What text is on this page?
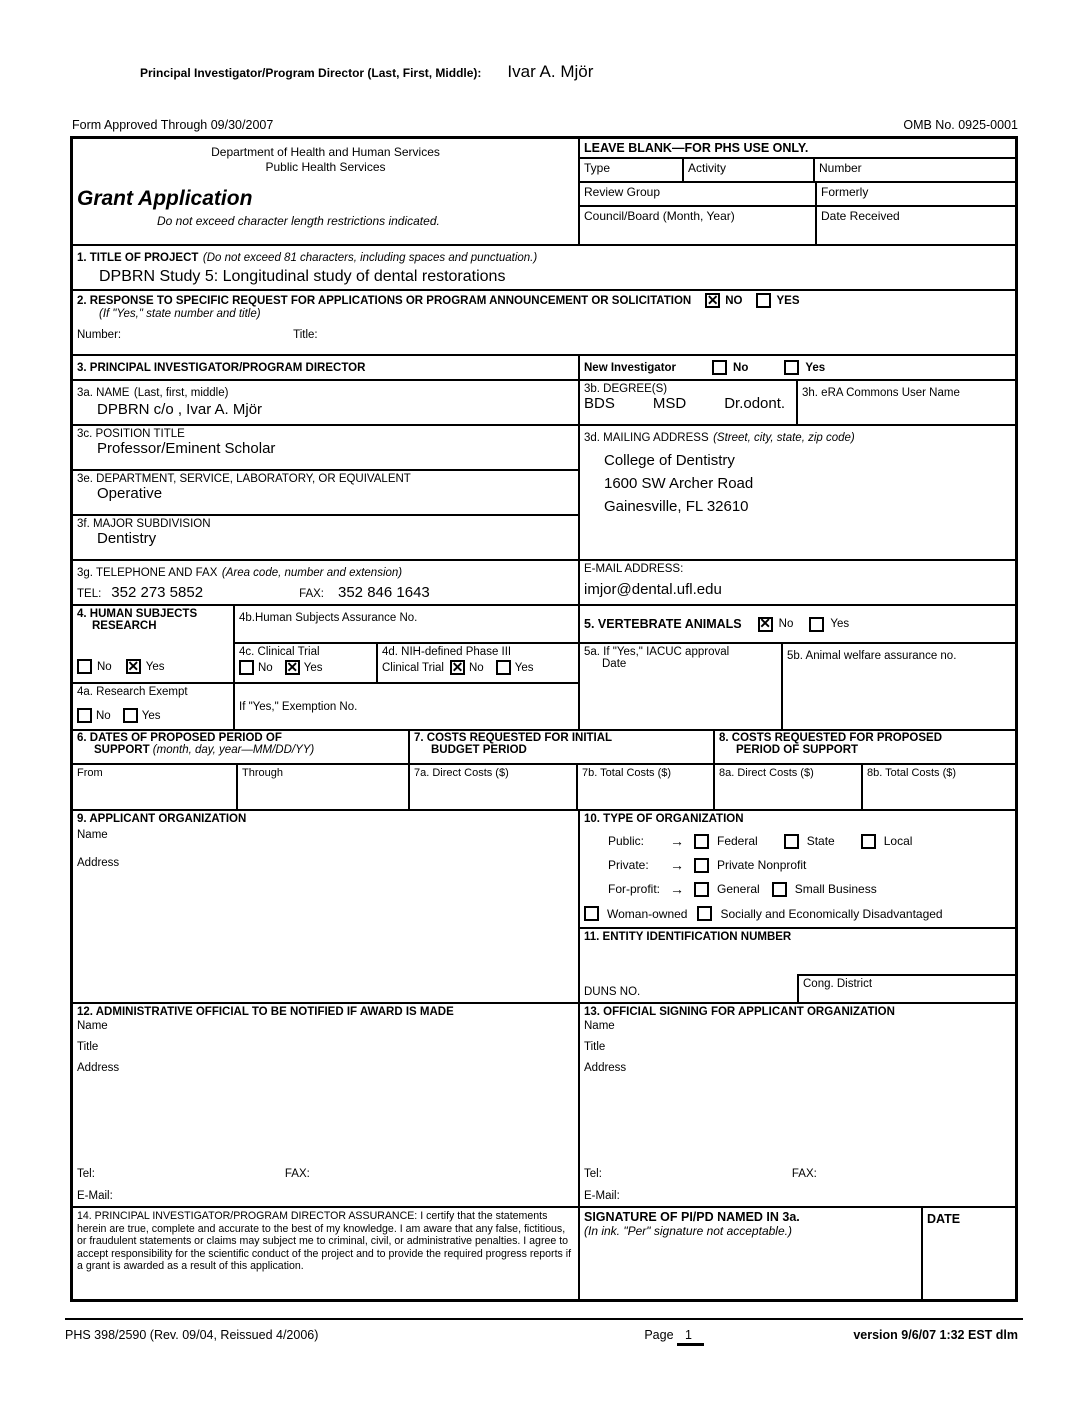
Principal Investigator/Program Director (Last, First, Middle): Ivar A. Mjör
Form Approved Through 09/30/2007	OMB No. 0925-0001
Department of Health and Human Services
Public Health Services
Grant Application
Do not exceed character length restrictions indicated.
LEAVE BLANK—FOR PHS USE ONLY.
Type	Activity	Number
Review Group	Formerly
Council/Board (Month, Year)	Date Received
1. TITLE OF PROJECT (Do not exceed 81 characters, including spaces and punctuation.)
DPBRN Study 5: Longitudinal study of dental restorations
2. RESPONSE TO SPECIFIC REQUEST FOR APPLICATIONS OR PROGRAM ANNOUNCEMENT OR SOLICITATION ✕	NO	YES
(If "Yes," state number and title)
Number:	Title:
3. PRINCIPAL INVESTIGATOR/PROGRAM DIRECTOR	New Investigator	No	Yes
3a. NAME (Last, first, middle)
DPBRN c/o , Ivar A. Mjör
3b. DEGREE(S)
BDS	MSD	Dr.odont.
3h. eRA Commons User Name
3c. POSITION TITLE
Professor/Eminent Scholar
3e. DEPARTMENT, SERVICE, LABORATORY, OR EQUIVALENT
Operative
3f. MAJOR SUBDIVISION
Dentistry
3d. MAILING ADDRESS (Street, city, state, zip code)
College of Dentistry
1600 SW Archer Road
Gainesville, FL 32610
3g. TELEPHONE AND FAX (Area code, number and extension)
TEL: 352 273 5852	FAX: 352 846 1643
E-MAIL ADDRESS:
imjor@dental.ufl.edu
4. HUMAN SUBJECTS
RESEARCH
No ✕	Yes
4b.Human Subjects Assurance No.
4c. Clinical Trial
No ✕	Yes
4d. NIH-defined Phase III
Clinical Trial ✕ No	Yes
4a. Research Exempt
No	Yes
If "Yes," Exemption No.
5. VERTEBRATE ANIMALS ✕	No	Yes
5a. If "Yes," IACUC approval
Date
5b. Animal welfare assurance no.
6. DATES OF PROPOSED PERIOD OF
SUPPORT (month, day, year—MM/DD/YY)
From	Through
7. COSTS REQUESTED FOR INITIAL
BUDGET PERIOD
7a. Direct Costs ($)	7b. Total Costs ($)
8. COSTS REQUESTED FOR PROPOSED
PERIOD OF SUPPORT
8a. Direct Costs ($)	8b. Total Costs ($)
9. APPLICANT ORGANIZATION
Name
Address
10. TYPE OF ORGANIZATION
Public:	→	Federal	State	Local
Private:	→	Private Nonprofit
For-profit: →	General	Small Business
Woman-owned	Socially and Economically Disadvantaged
11. ENTITY IDENTIFICATION NUMBER
DUNS NO.
Cong. District
12. ADMINISTRATIVE OFFICIAL TO BE NOTIFIED IF AWARD IS MADE
Name
Title
Address
Tel:	FAX:
E-Mail:
13. OFFICIAL SIGNING FOR APPLICANT ORGANIZATION
Name
Title
Address
Tel:	FAX:
E-Mail:
14. PRINCIPAL INVESTIGATOR/PROGRAM DIRECTOR ASSURANCE: I certify that the statements herein are true, complete and accurate to the best of my knowledge. I am aware that any false, fictitious, or fraudulent statements or claims may subject me to criminal, civil, or administrative penalties. I agree to accept responsibility for the scientific conduct of the project and to provide the required progress reports if a grant is awarded as a result of this application.
SIGNATURE OF PI/PD NAMED IN 3a.
(In ink. "Per" signature not acceptable.)
DATE
PHS 398/2590 (Rev. 09/04, Reissued 4/2006)	Page 1	version 9/6/07 1:32 EST dlm
